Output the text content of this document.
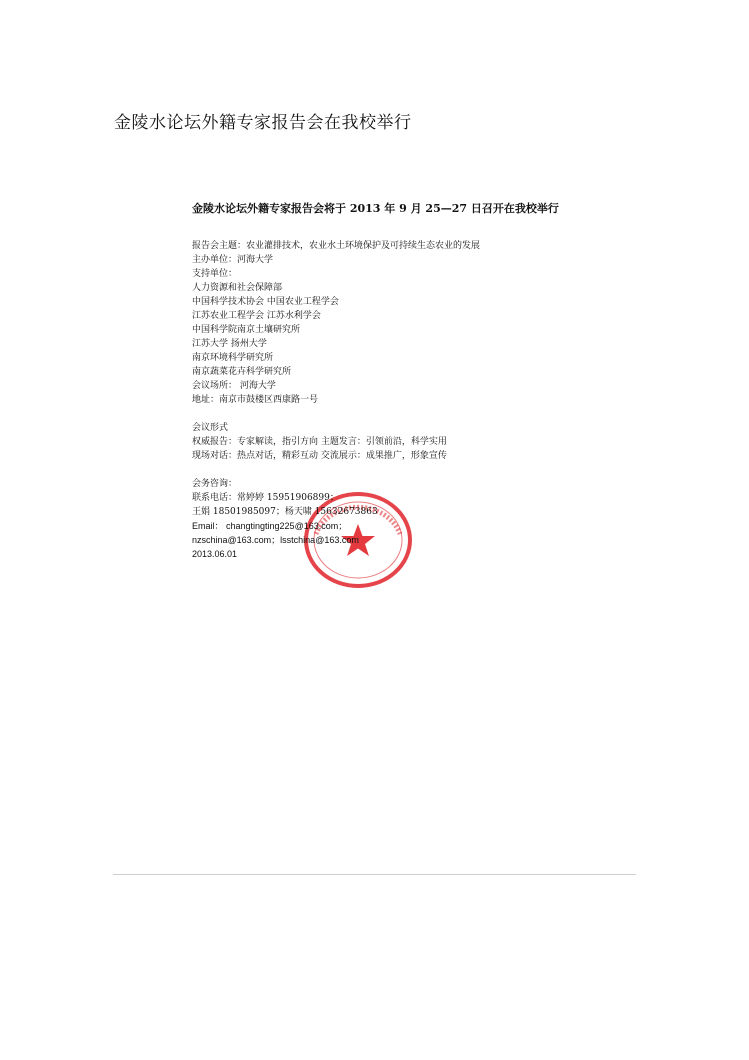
金陵水论坛外籍专家报告会在我校举行
金陵水论坛外籍专家报告会将于 2013 年 9 月 25—27 日召开在我校举行
报告会主题：农业灌排技术，农业水土环境保护及可持续生态农业的发展
主办单位：河海大学
支持单位：
人力资源和社会保障部
中国科学技术协会 中国农业工程学会
江苏农业工程学会 江苏水利学会
中国科学院南京土壤研究所
江苏大学 扬州大学
南京环境科学研究所
南京蔬菜花卉科学研究所
会议场所： 河海大学
地址：南京市鼓楼区西康路一号
会议形式
权威报告：专家解读，指引方向 主题发言：引领前沿，科学实用
现场对话：热点对话，精彩互动 交流展示：成果推广，形象宣传
会务咨询：
联系电话：常婷婷 15951906899；
王娟 18501985097；杨天啸 15632673863
Email： changtingting225@163.com；
nzschina@163.com；lsstchina@163.com
2013.06.01
